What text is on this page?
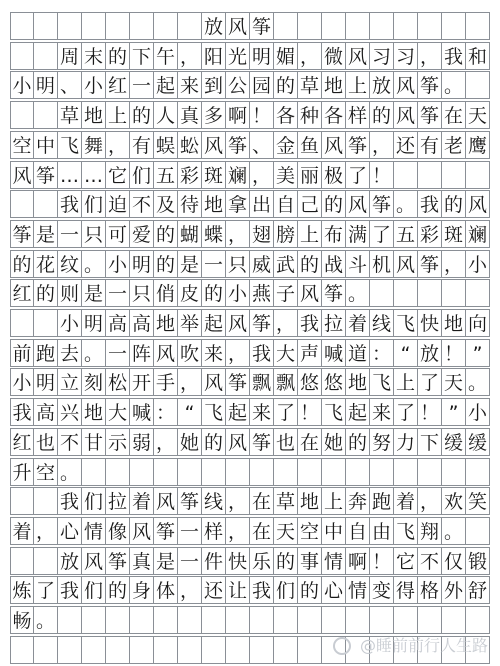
放 风 筝
周 末 的 下 午 ， 阳 光 明 媚 ， 微 风 习 习 ， 我 和
小 明 、 小 红 一 起 来 到 公 园 的 草 地 上 放 风 筝 。
草 地 上 的 人 真 多 啊 ！ 各 种 各 样 的 风 筝 在 天
空 中 飞 舞 ， 有 蜈 蚣 风 筝 、 金 鱼 风 筝 ， 还 有 老 鹰
风 筝 … … 它 们 五 彩 斑 斓 ， 美 丽 极 了 ！
我 们 迫 不 及 待 地 拿 出 自 己 的 风 筝 。 我 的 风
筝 是 一 只 可 爱 的 蝴 蝶 ， 翅 膀 上 布 满 了 五 彩 斑 斓
的 花 纹 。 小 明 的 是 一 只 威 武 的 战 斗 机 风 筝 ， 小
红 的 则 是 一 只 俏 皮 的 小 燕 子 风 筝 。
小 明 高 高 地 举 起 风 筝 ， 我 拉 着 线 飞 快 地 向
前 跑 去 。 一 阵 风 吹 来 ， 我 大 声 喊 道 ： “ 放 ！ ”
小 明 立 刻 松 开 手 ， 风 筝 飘 飘 悠 悠 地 飞 上 了 天 。
我 高 兴 地 大 喊 ： “ 飞 起 来 了 ！ 飞 起 来 了 ！ ” 小
红 也 不 甘 示 弱 ， 她 的 风 筝 也 在 她 的 努 力 下 缓 缓
升 空 。
我 们 拉 着 风 筝 线 ， 在 草 地 上 奔 跑 着 ， 欢 笑
着 ， 心 情 像 风 筝 一 样 ， 在 天 空 中 自 由 飞 翔 。
放 风 筝 真 是 一 件 快 乐 的 事 情 啊 ！ 它 不 仅 锻
炼 了 我 们 的 身 体 ， 还 让 我 们 的 心 情 变 得 格 外 舒
畅 。
@睡前前行人生路
